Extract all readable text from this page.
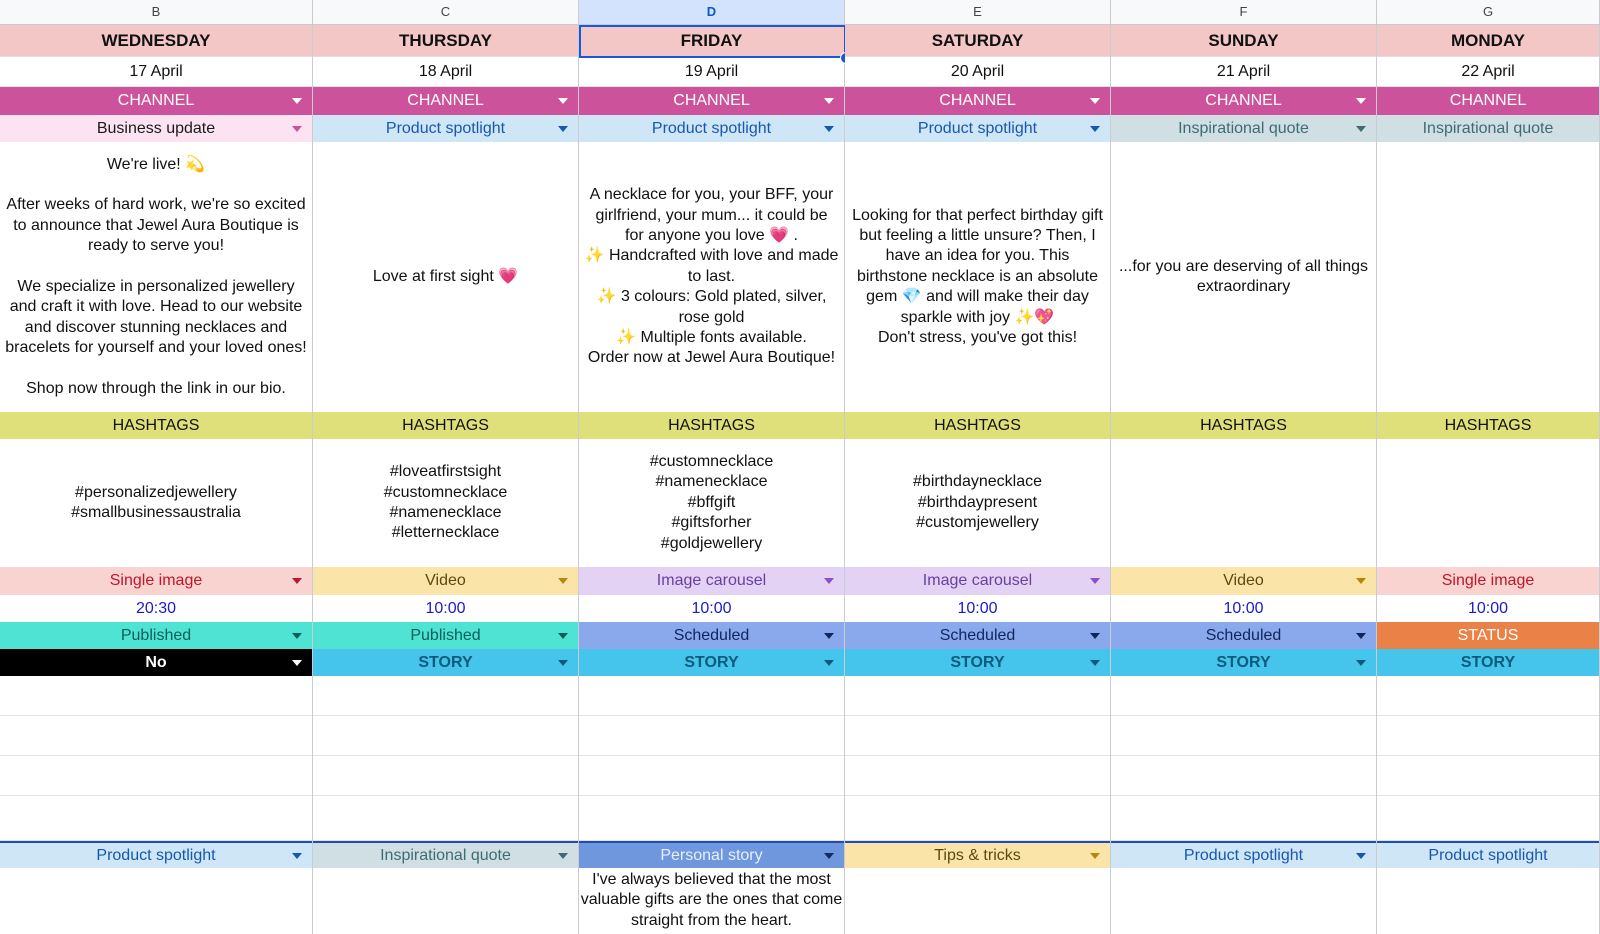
B
WEDNESDAY
17 April
CHANNEL
Business update
We're live! 💫

After weeks of hard work, we're so excited to announce that Jewel Aura Boutique is ready to serve you!

We specialize in personalized jewellery and craft it with love. Head to our website and discover stunning necklaces and bracelets for yourself and your loved ones!

Shop now through the link in our bio.
HASHTAGS
#personalizedjewellery
#smallbusinessaustralia
Single image
20:30
Published
No
Product spotlight
C
THURSDAY
18 April
CHANNEL
Product spotlight
Love at first sight 💗
HASHTAGS
#loveatfirstsight
#customnecklace
#namenecklace
#letternecklace
Video
10:00
Published
STORY
Inspirational quote
D
FRIDAY
19 April
CHANNEL
Product spotlight
A necklace for you, your BFF, your girlfriend, your mum... it could be for anyone you love 💗 .
✨ Handcrafted with love and made to last.
✨ 3 colours: Gold plated, silver, rose gold
✨ Multiple fonts available.
Order now at Jewel Aura Boutique!
HASHTAGS
#customnecklace
#namenecklace
#bffgift
#giftsforher
#goldjewellery
Image carousel
10:00
Scheduled
STORY
Personal story
I've always believed that the most valuable gifts are the ones that come straight from the heart.
E
SATURDAY
20 April
CHANNEL
Product spotlight
Looking for that perfect birthday gift but feeling a little unsure? Then, I have an idea for you. This birthstone necklace is an absolute gem 💎 and will make their day sparkle with joy ✨💖
Don't stress, you've got this!
HASHTAGS
#birthdaynecklace
#birthdaypresent
#customjewellery
Image carousel
10:00
Scheduled
STORY
Tips & tricks
F
SUNDAY
21 April
CHANNEL
Inspirational quote
...for you are deserving of all things extraordinary
HASHTAGS
Video
10:00
Scheduled
STORY
Product spotlight
G
MONDAY
22 April
CHANNEL
Inspirational quote
HASHTAGS
Single image
10:00
STATUS
STORY
Product spotlight
